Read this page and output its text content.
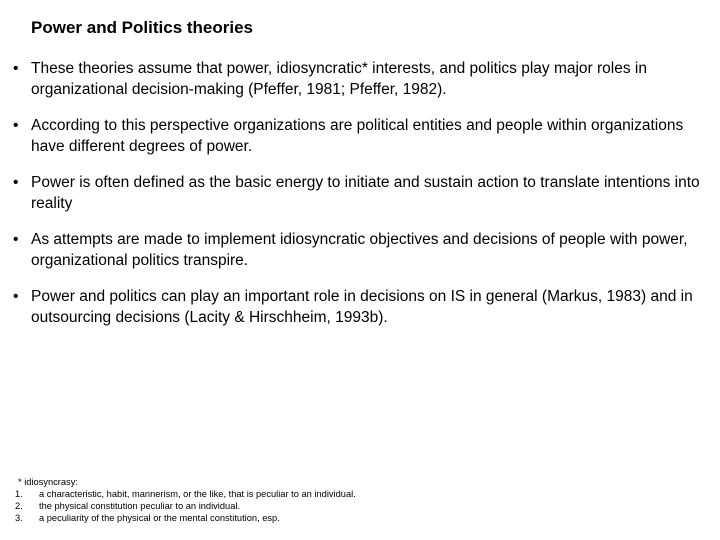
Power and Politics theories
• These theories assume that power, idiosyncratic* interests, and politics play major roles in organizational decision-making (Pfeffer, 1981; Pfeffer, 1982).
• According to this perspective organizations are political entities and people within organizations have different degrees of power.
• Power is often defined as the basic energy to initiate and sustain action to translate intentions into reality
• As attempts are made to implement idiosyncratic objectives and decisions of people with power, organizational politics transpire.
• Power and politics can play an important role in decisions on IS in general (Markus, 1983) and in outsourcing decisions (Lacity & Hirschheim, 1993b).
* idiosyncrasy:
1.	a characteristic, habit, mannerism, or the like, that is peculiar to an individual.
2.	the physical constitution peculiar to an individual.
3.	a peculiarity of the physical or the mental constitution, esp.
